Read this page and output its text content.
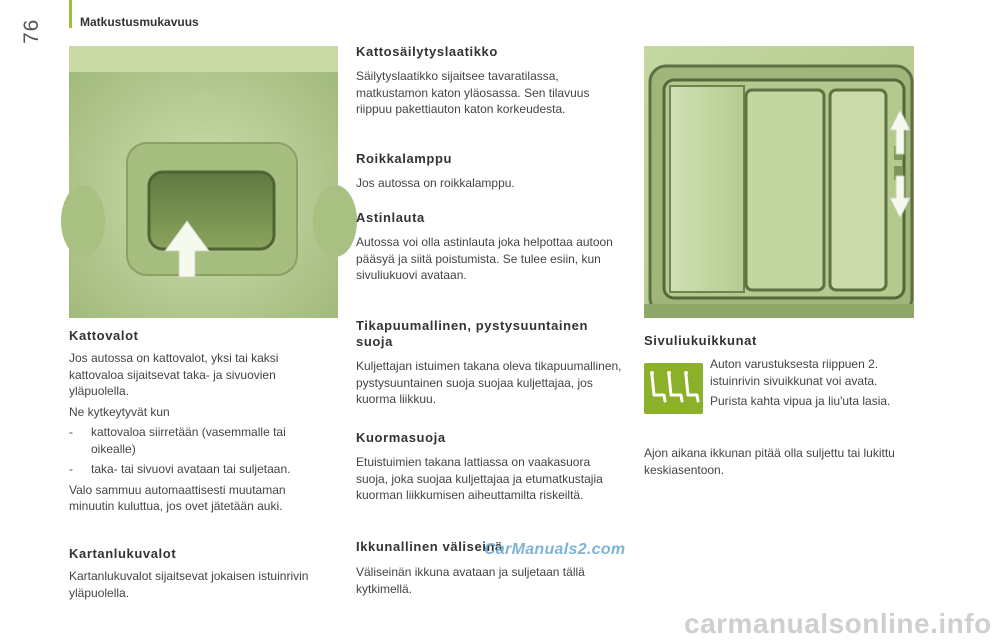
76	Matkustusmukavuus
Kattovalot

Jos autossa on kattovalot, yksi tai kaksi kattovaloa sijaitsevat taka- ja sivuovien yläpuolella.

Ne kytkeytyvät kun

- kattovaloa siirretään (vasemmalle tai oikealle)

- taka- tai sivuovi avataan tai suljetaan.

Valo sammuu automaattisesti muutaman minuutin kuluttua, jos ovet jätetään auki.

Kartanlukuvalot

Kartanlukuvalot sijaitsevat jokaisen istuinrivin yläpuolella.

Kattosäilytyslaatikko

Säilytyslaatikko sijaitsee tavaratilassa, matkustamon katon yläosassa. Sen tilavuus riippuu pakettiauton katon korkeudesta.

Roikkalamppu

Jos autossa on roikkalamppu.

Astinlauta

Autossa voi olla astinlauta joka helpottaa autoon pääsyä ja siitä poistumista. Se tulee esiin, kun sivuliukuovi avataan.

Tikapuumallinen, pystysuuntainen suoja

Kuljettajan istuimen takana oleva tikapuumallinen, pystysuuntainen suoja suojaa kuljettajaa, jos kuorma liikkuu.

Kuormasuoja

Etuistuimien takana lattiassa on vaakasuora suoja, joka suojaa kuljettajaa ja etumatkustajia kuorman liikkumisen aiheuttamilta riskeiltä.

Ikkunallinen väliseinä

Väliseinän ikkuna avataan ja suljetaan tällä kytkimellä.

Sivuliukuikkunat

Auton varustuksesta riippuen 2. istuinrivin sivuikkunat voi avata.

Purista kahta vipua ja liu'uta lasia.

Ajon aikana ikkunan pitää olla suljettu tai lukittu keskiasentoon.

CarManuals2.com
carmanualsonline.info
